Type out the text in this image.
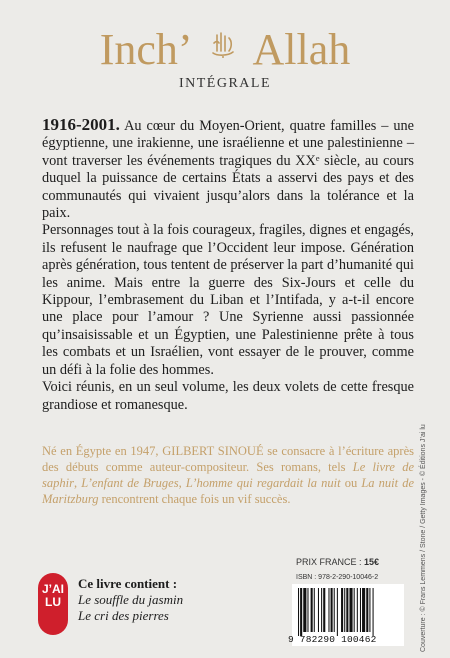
Inch’ Allah
INTÉGRALE

1916-2001. Au cœur du Moyen-Orient, quatre familles – une égyptienne, une irakienne, une israélienne et une palestinienne – vont traverser les événements tragiques du XXᵉ siècle, au cours duquel la puissance de certains États a asservi des pays et des communautés qui vivaient jusqu’alors dans la tolérance et la paix.

Personnages tout à la fois courageux, fragiles, dignes et engagés, ils refusent le naufrage que l’Occident leur impose. Génération après génération, tous tentent de préserver la part d’humanité qui les anime. Mais entre la guerre des Six-Jours et celle du Kippour, l’embrasement du Liban et l’Intifada, y a-t-il encore une place pour l’amour ? Une Syrienne aussi passionnée qu’insaisissable et un Égyptien, une Palestinienne prête à tous les combats et un Israélien, vont essayer de le prouver, comme un défi à la folie des hommes.

Voici réunis, en un seul volume, les deux volets de cette fresque grandiose et romanesque.

Né en Égypte en 1947, GILBERT SINOUÉ se consacre à l’écriture après des débuts comme auteur-compositeur. Ses romans, tels Le livre de saphir, L’enfant de Bruges, L’homme qui regardait la nuit ou La nuit de Maritzburg rencontrent chaque fois un vif succès.
J’AI
LU
Ce livre contient :
Le souffle du jasmin
Le cri des pierres
PRIX FRANCE : 15€
ISBN : 978-2-290-10046-2
9 782290 100462	Couverture : © Frans Lemmens / Stone / Getty Images - © Éditions J’ai lu
